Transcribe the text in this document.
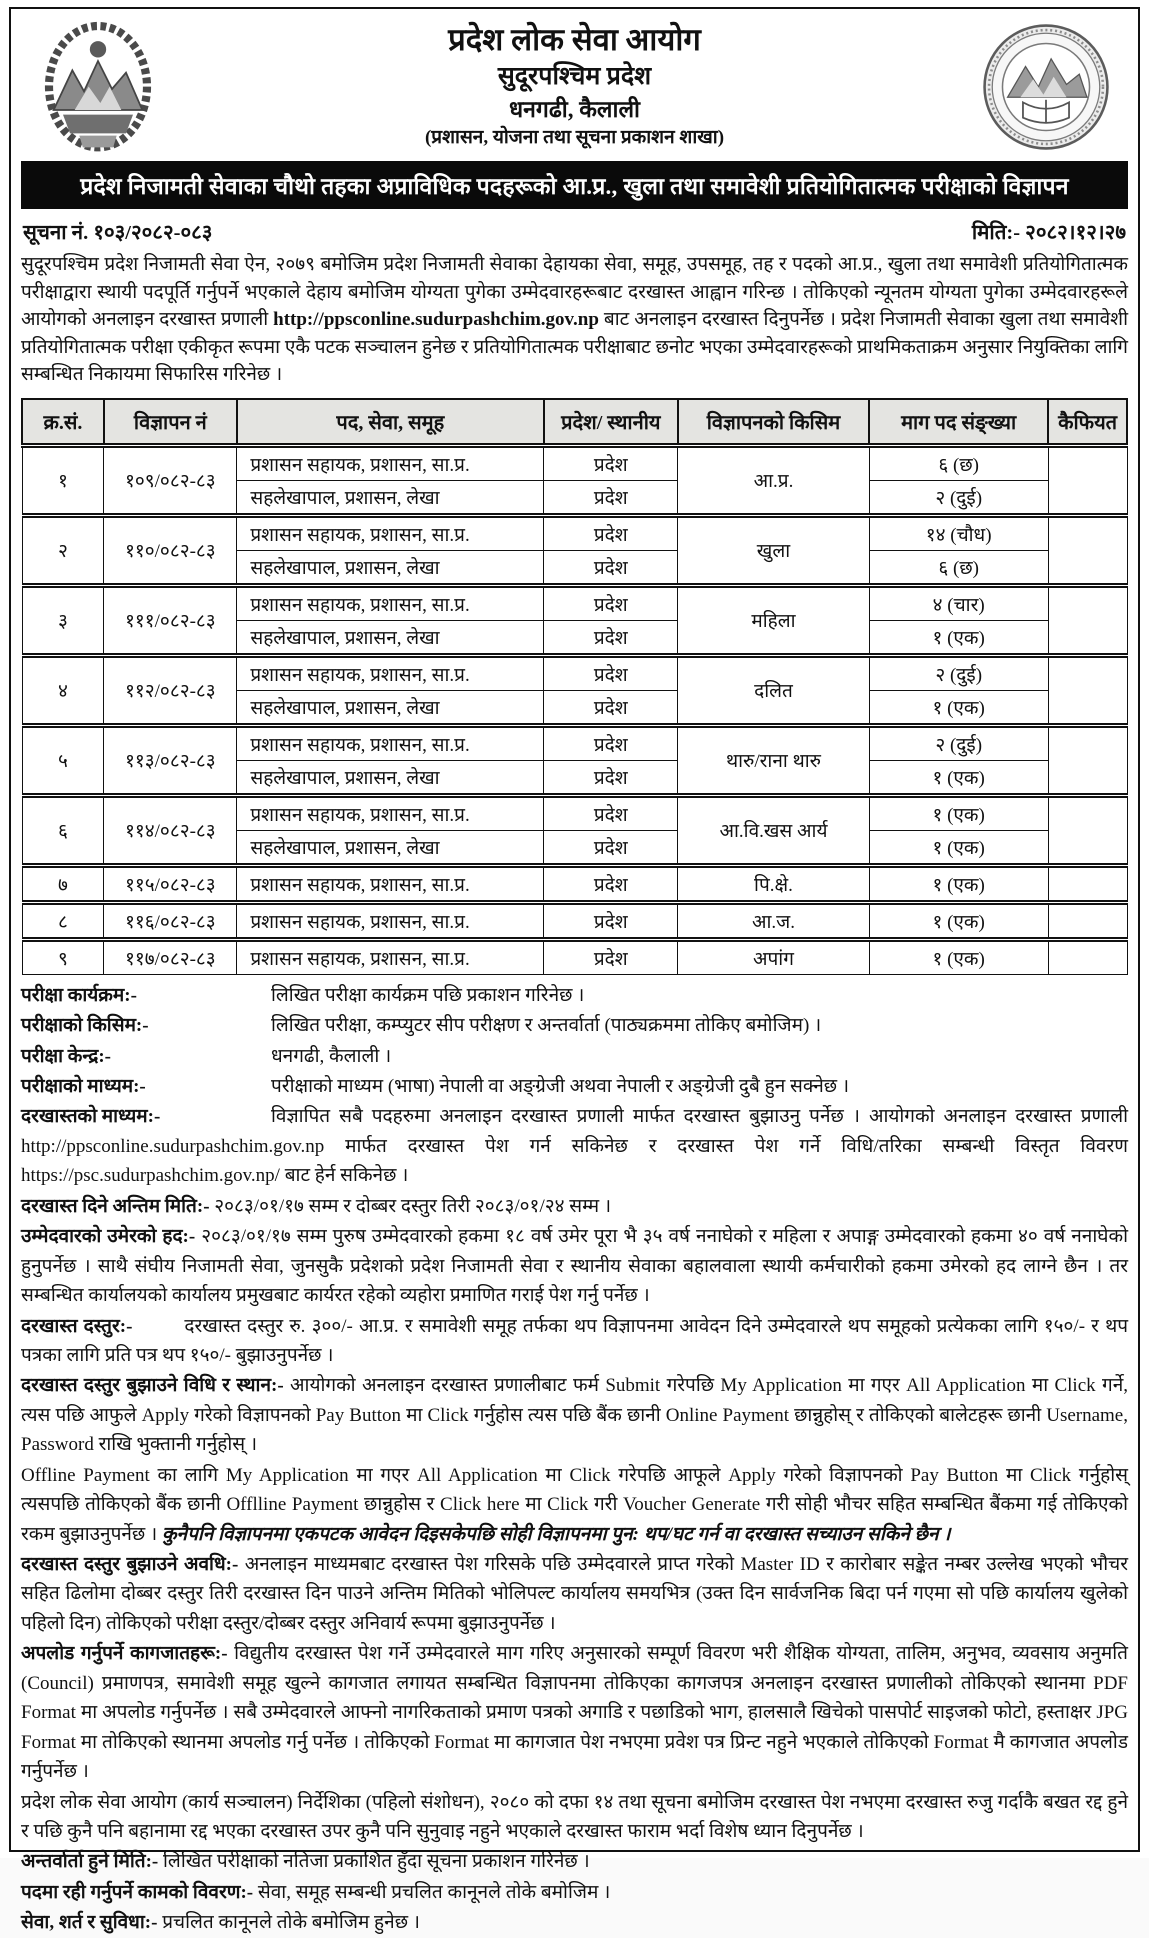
प्रदेश लोक सेवा आयोग
सुदूरपश्चिम प्रदेश
धनगढी, कैलाली
(प्रशासन, योजना तथा सूचना प्रकाशन शाखा)
प्रदेश निजामती सेवाका चौथो तहका अप्राविधिक पदहरूको आ.प्र., खुला तथा समावेशी प्रतियोगितात्मक परीक्षाको विज्ञापन
सूचना नं. १०३/२०८२-०८३	मिति:- २०८२।१२।२७

सुदूरपश्चिम प्रदेश निजामती सेवा ऐन, २०७९ बमोजिम प्रदेश निजामती सेवाका देहायका सेवा, समूह, उपसमूह, तह र पदको आ.प्र., खुला तथा समावेशी प्रतियोगितात्मक परीक्षाद्वारा स्थायी पदपूर्ति गर्नुपर्ने भएकाले देहाय बमोजिम योग्यता पुगेका उम्मेदवारहरूबाट दरखास्त आह्वान गरिन्छ । तोकिएको न्यूनतम योग्यता पुगेका उम्मेदवारहरूले आयोगको अनलाइन दरखास्त प्रणाली http://ppsconline.sudurpashchim.gov.np बाट अनलाइन दरखास्त दिनुपर्नेछ । प्रदेश निजामती सेवाका खुला तथा समावेशी प्रतियोगितात्मक परीक्षा एकीकृत रूपमा एकै पटक सञ्चालन हुनेछ र प्रतियोगितात्मक परीक्षाबाट छनोट भएका उम्मेदवारहरूको प्राथमिकताक्रम अनुसार नियुक्तिका लागि सम्बन्धित निकायमा सिफारिस गरिनेछ ।

क्र.सं.	विज्ञापन नं	पद, सेवा, समूह	प्रदेश/ स्थानीय	विज्ञापनको किसिम	माग पद संङ्ख्या	कैफियत
१	१०९/०८२-८३	प्रशासन सहायक, प्रशासन, सा.प्र.	प्रदेश	आ.प्र.	६ (छ)	
		सहलेखापाल, प्रशासन, लेखा	प्रदेश		२ (दुई)	
२	११०/०८२-८३	प्रशासन सहायक, प्रशासन, सा.प्र.	प्रदेश	खुला	१४ (चौध)	
		सहलेखापाल, प्रशासन, लेखा	प्रदेश		६ (छ)	
३	१११/०८२-८३	प्रशासन सहायक, प्रशासन, सा.प्र.	प्रदेश	महिला	४ (चार)	
		सहलेखापाल, प्रशासन, लेखा	प्रदेश		१ (एक)	
४	११२/०८२-८३	प्रशासन सहायक, प्रशासन, सा.प्र.	प्रदेश	दलित	२ (दुई)	
		सहलेखापाल, प्रशासन, लेखा	प्रदेश		१ (एक)	
५	११३/०८२-८३	प्रशासन सहायक, प्रशासन, सा.प्र.	प्रदेश	थारु/राना थारु	२ (दुई)	
		सहलेखापाल, प्रशासन, लेखा	प्रदेश		१ (एक)	
६	११४/०८२-८३	प्रशासन सहायक, प्रशासन, सा.प्र.	प्रदेश	आ.वि.खस आर्य	१ (एक)	
		सहलेखापाल, प्रशासन, लेखा	प्रदेश		१ (एक)	
७	११५/०८२-८३	प्रशासन सहायक, प्रशासन, सा.प्र.	प्रदेश	पि.क्षे.	१ (एक)	
८	११६/०८२-८३	प्रशासन सहायक, प्रशासन, सा.प्र.	प्रदेश	आ.ज.	१ (एक)	
९	११७/०८२-८३	प्रशासन सहायक, प्रशासन, सा.प्र.	प्रदेश	अपांग	१ (एक)	

परीक्षा कार्यक्रम:-	लिखित परीक्षा कार्यक्रम पछि प्रकाशन गरिनेछ ।

परीक्षाको किसिम:-	लिखित परीक्षा, कम्प्युटर सीप परीक्षण र अन्तर्वार्ता (पाठ्यक्रममा तोकिए बमोजिम) ।

परीक्षा केन्द्र:-	धनगढी, कैलाली ।

परीक्षाको माध्यम:-	परीक्षाको माध्यम (भाषा) नेपाली वा अङ्ग्रेजी अथवा नेपाली र अङ्ग्रेजी दुबै हुन सक्नेछ ।

दरखास्तको माध्यम:-	विज्ञापित सबै पदहरुमा अनलाइन दरखास्त प्रणाली मार्फत दरखास्त बुझाउनु पर्नेछ । आयोगको अनलाइन दरखास्त प्रणाली http://ppsconline.sudurpashchim.gov.np मार्फत दरखास्त पेश गर्न सकिनेछ र दरखास्त पेश गर्ने विधि/तरिका सम्बन्धी विस्तृत विवरण https://psc.sudurpashchim.gov.np/ बाट हेर्न सकिनेछ ।

दरखास्त दिने अन्तिम मिति:- २०८३/०१/१७ सम्म र दोब्बर दस्तुर तिरी २०८३/०१/२४ सम्म ।

उम्मेदवारको उमेरको हद:- २०८३/०१/१७ सम्म पुरुष उम्मेदवारको हकमा १८ वर्ष उमेर पूरा भै ३५ वर्ष ननाघेको र महिला र अपाङ्ग उम्मेदवारको हकमा ४० वर्ष ननाघेको हुनुपर्नेछ । साथै संघीय निजामती सेवा, जुनसुकै प्रदेशको प्रदेश निजामती सेवा र स्थानीय सेवाका बहालवाला स्थायी कर्मचारीको हकमा उमेरको हद लाग्ने छैन । तर सम्बन्धित कार्यालयको कार्यालय प्रमुखबाट कार्यरत रहेको व्यहोरा प्रमाणित गराई पेश गर्नु पर्नेछ ।

दरखास्त दस्तुर:-	दरखास्त दस्तुर रु. ३००/- आ.प्र. र समावेशी समूह तर्फका थप विज्ञापनमा आवेदन दिने उम्मेदवारले थप समूहको प्रत्येकका लागि १५०/- र थप पत्रका लागि प्रति पत्र थप १५०/- बुझाउनुपर्नेछ ।

दरखास्त दस्तुर बुझाउने विधि र स्थान:- आयोगको अनलाइन दरखास्त प्रणालीबाट फर्म Submit गरेपछि My Application मा गएर All Application मा Click गर्ने, त्यस पछि आफुले Apply गरेको विज्ञापनको Pay Button मा Click गर्नुहोस त्यस पछि बैंक छानी Online Payment छान्नुहोस् र तोकिएको बालेटहरू छानी Username, Password राखि भुक्तानी गर्नुहोस् ।

Offline Payment का लागि My Application मा गएर All Application मा Click गरेपछि आफूले Apply गरेको विज्ञापनको Pay Button मा Click गर्नुहोस् त्यसपछि तोकिएको बैंक छानी Offlline Payment छान्नुहोस र Click here मा Click गरी Voucher Generate गरी सोही भौचर सहित सम्बन्धित बैंकमा गई तोकिएको रकम बुझाउनुपर्नेछ । कुनैपनि विज्ञापनमा एकपटक आवेदन दिइसकेपछि सोही विज्ञापनमा पुन: थप/घट गर्न वा दरखास्त सच्याउन सकिने छैन ।

दरखास्त दस्तुर बुझाउने अवधि:- अनलाइन माध्यमबाट दरखास्त पेश गरिसके पछि उम्मेदवारले प्राप्त गरेको Master ID र कारोबार सङ्केत नम्बर उल्लेख भएको भौचर सहित ढिलोमा दोब्बर दस्तुर तिरी दरखास्त दिन पाउने अन्तिम मितिको भोलिपल्ट कार्यालय समयभित्र (उक्त दिन सार्वजनिक बिदा पर्न गएमा सो पछि कार्यालय खुलेको पहिलो दिन) तोकिएको परीक्षा दस्तुर/दोब्बर दस्तुर अनिवार्य रूपमा बुझाउनुपर्नेछ ।

अपलोड गर्नुपर्ने कागजातहरू:- विद्युतीय दरखास्त पेश गर्ने उम्मेदवारले माग गरिए अनुसारको सम्पूर्ण विवरण भरी शैक्षिक योग्यता, तालिम, अनुभव, व्यवसाय अनुमति (Council) प्रमाणपत्र, समावेशी समूह खुल्ने कागजात लगायत सम्बन्धित विज्ञापनमा तोकिएका कागजपत्र अनलाइन दरखास्त प्रणालीको तोकिएको स्थानमा PDF Format मा अपलोड गर्नुपर्नेछ । सबै उम्मेदवारले आफ्नो नागरिकताको प्रमाण पत्रको अगाडि र पछाडिको भाग, हालसालै खिचेको पासपोर्ट साइजको फोटो, हस्ताक्षर JPG Format मा तोकिएको स्थानमा अपलोड गर्नु पर्नेछ । तोकिएको Format मा कागजात पेश नभएमा प्रवेश पत्र प्रिन्ट नहुने भएकाले तोकिएको Format मै कागजात अपलोड गर्नुपर्नेछ ।

प्रदेश लोक सेवा आयोग (कार्य सञ्चालन) निर्देशिका (पहिलो संशोधन), २०८० को दफा १४ तथा सूचना बमोजिम दरखास्त पेश नभएमा दरखास्त रुजु गर्दाकै बखत रद्द हुने र पछि कुनै पनि बहानामा रद्द भएका दरखास्त उपर कुनै पनि सुनुवाइ नहुने भएकाले दरखास्त फाराम भर्दा विशेष ध्यान दिनुपर्नेछ ।

अन्तर्वार्ता हुने मिति:- लिखित परीक्षाको नतिजा प्रकाशित हुँदा सूचना प्रकाशन गरिनेछ ।

पदमा रही गर्नुपर्ने कामको विवरण:- सेवा, समूह सम्बन्धी प्रचलित कानूनले तोके बमोजिम ।

सेवा, शर्त र सुविधा:- प्रचलित कानूनले तोके बमोजिम हुनेछ ।
